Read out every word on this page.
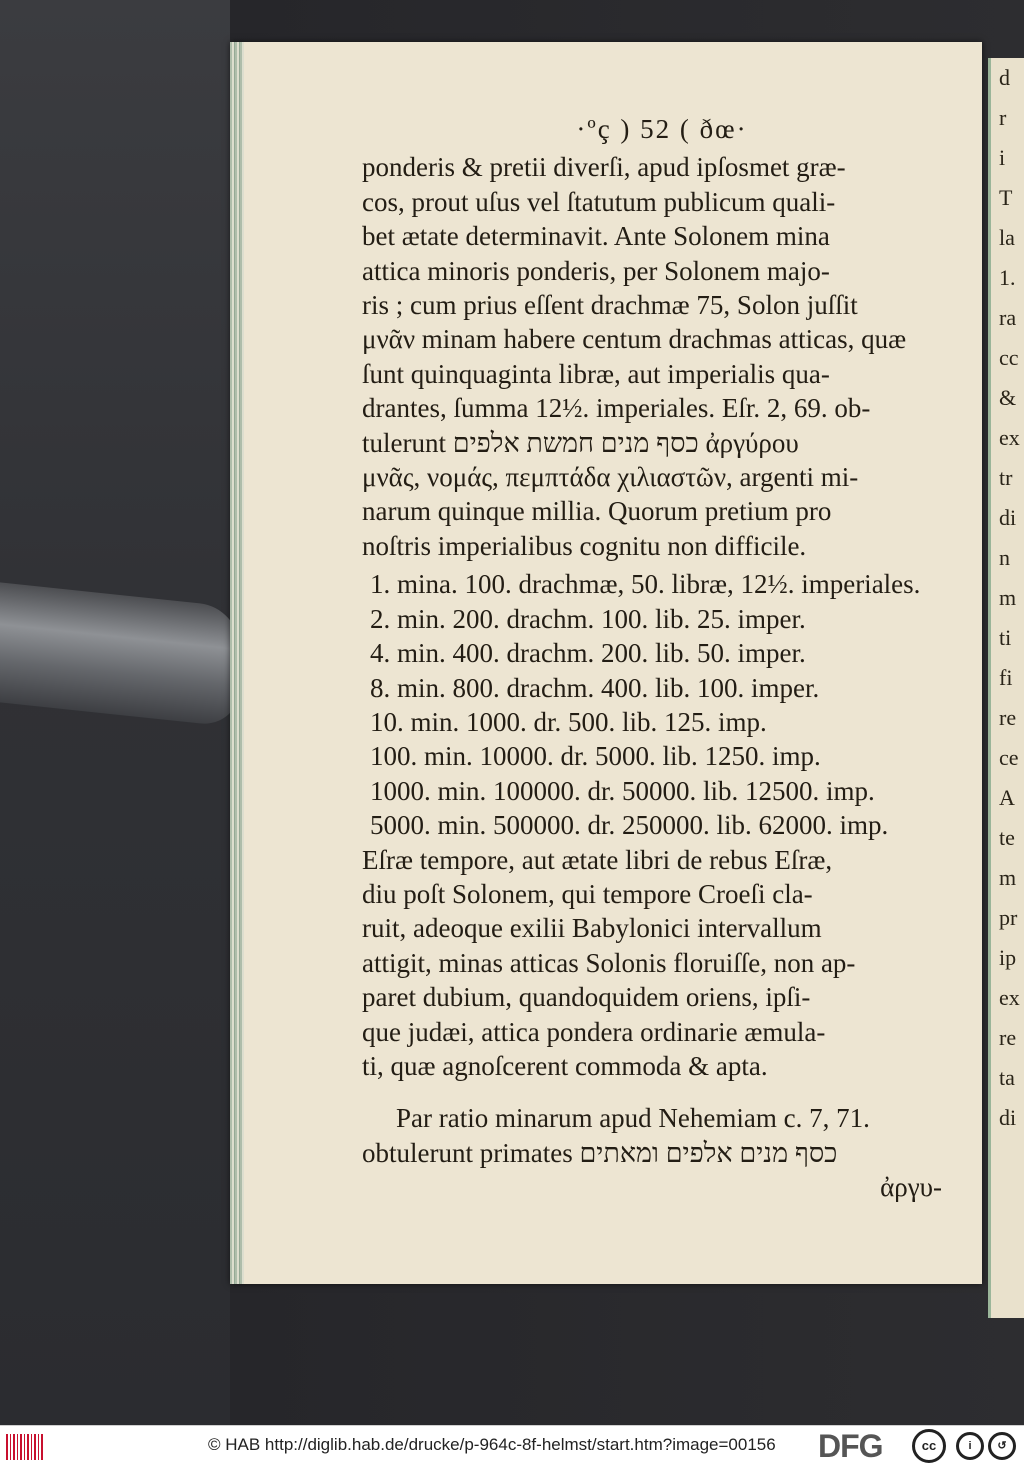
d
r
i
T
la
1.
ra
cc
&
ex
tr
di
n
m
ti
fi
re
ce
A
te
m
pr
ip
ex
re
ta
di
·ºç ) 52 ( ðœ·
ponderis & pretii diverſi, apud ipſosmet græ-
cos, prout uſus vel ſtatutum publicum quali-
bet ætate determinavit. Ante Solonem mina
attica minoris ponderis, per Solonem majo-
ris ; cum prius eſſent drachmæ 75, Solon juſſit
μνᾶν minam habere centum drachmas atticas, quæ
ſunt quinquaginta libræ, aut imperialis qua-
drantes, ſumma 12½. imperiales. Eſr. 2, 69. ob-
tulerunt כסף מנים חמשת אלפים ἀργύρου
μνᾶς, νομάς, πεμπτάδα χιλιαστῶν, argenti mi-
narum quinque millia. Quorum pretium pro
noſtris imperialibus cognitu non difficile.
1. mina. 100. drachmæ, 50. libræ, 12½. imperiales.
2. min. 200. drachm. 100. lib. 25. imper.
4. min. 400. drachm. 200. lib. 50. imper.
8. min. 800. drachm. 400. lib. 100. imper.
10. min. 1000. dr. 500. lib. 125. imp.
100. min. 10000. dr. 5000. lib. 1250. imp.
1000. min. 100000. dr. 50000. lib. 12500. imp.
5000. min. 500000. dr. 250000. lib. 62000. imp.
Eſræ tempore, aut ætate libri de rebus Eſræ,
diu poſt Solonem, qui tempore Croeſi cla-
ruit, adeoque exilii Babylonici intervallum
attigit, minas atticas Solonis floruiſſe, non ap-
paret dubium, quandoquidem oriens, ipſi-
que judæi, attica pondera ordinarie æmula-
ti, quæ agnoſcerent commoda & apta.
Par ratio minarum apud Nehemiam c. 7, 71.
obtulerunt primates כסף מנים אלפים ומאתים
ἀργυ-
© HAB http://diglib.hab.de/drucke/p-964c-8f-helmst/start.htm?image=00156 DFG	cc	i	↺
